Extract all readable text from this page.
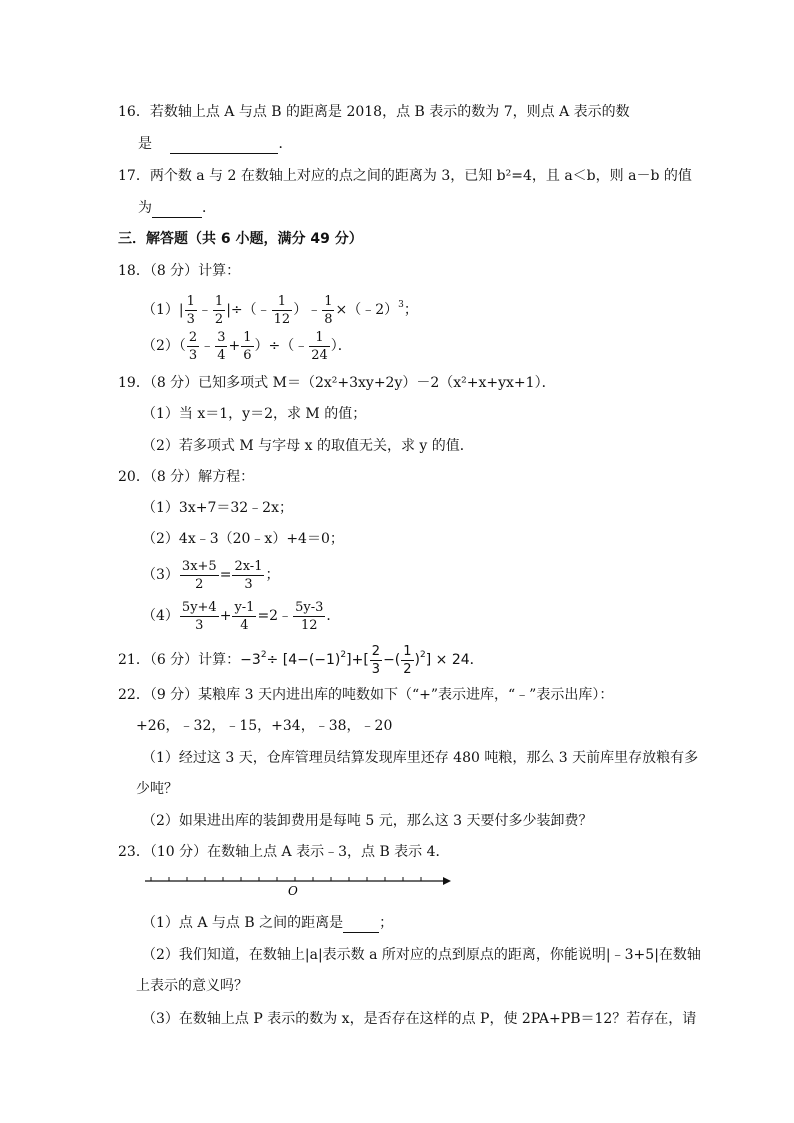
16．若数轴上点 A 与点 B 的距离是 2018，点 B 表示的数为 7，则点 A 表示的数
是	．
17．两个数 a 与 2 在数轴上对应的点之间的距离为 3，已知 b²=4，且 a＜b，则 a－b 的值
为	．
三．解答题（共 6 小题，满分 49 分）
18．（8 分）计算：
$(1)| \frac{1}{3}$ ﹣ $\frac{1}{2}$ |÷（﹣ $\frac{1}{12}$ ）﹣ $\frac{1}{8}$ ×（﹣2）$^3$；
$(2)( \frac{2}{3}$ ﹣ $\frac{3}{4} + \frac{1}{6}$ ）÷（﹣ $\frac{1}{24}$ ）．
19．（8 分）已知多项式 M＝（2x²+3xy+2y）－2（x²+x+yx+1）．
（1）当 x＝1，y＝2，求 M 的值；
（2）若多项式 M 与字母 x 的取值无关，求 y 的值．
20．（8 分）解方程：
（1）3x+7＝32﹣2x；
（2）4x﹣3（20﹣x）+4＝0；
$(3) \frac{3x+5}{2} = \frac{2x-1}{3}$ ；
$(4) \frac{5y+4}{3} + \frac{y-1}{4}$ =2﹣ $\frac{5y-3}{12}$ ．
21．（6 分）计算：$-3^2\div [4-(-1)^2]+[ \frac{2}{3}$ −( $\frac{1}{2} )^2] \times 24$．
22．（9 分）某粮库 3 天内进出库的吨数如下（“+”表示进库，“﹣”表示出库）：
+26，﹣32，﹣15，+34，﹣38，﹣20
（1）经过这 3 天，仓库管理员结算发现库里还存 480 吨粮，那么 3 天前库里存放粮有多
少吨？
（2）如果进出库的装卸费用是每吨 5 元，那么这 3 天要付多少装卸费？
23．（10 分）在数轴上点 A 表示﹣3，点 B 表示 4．
O
（1）点 A 与点 B 之间的距离是	；
（2）我们知道，在数轴上|a|表示数 a 所对应的点到原点的距离，你能说明|﹣3+5|在数轴
上表示的意义吗？
（3）在数轴上点 P 表示的数为 x，是否存在这样的点 P，使 2PA+PB＝12？若存在，请
